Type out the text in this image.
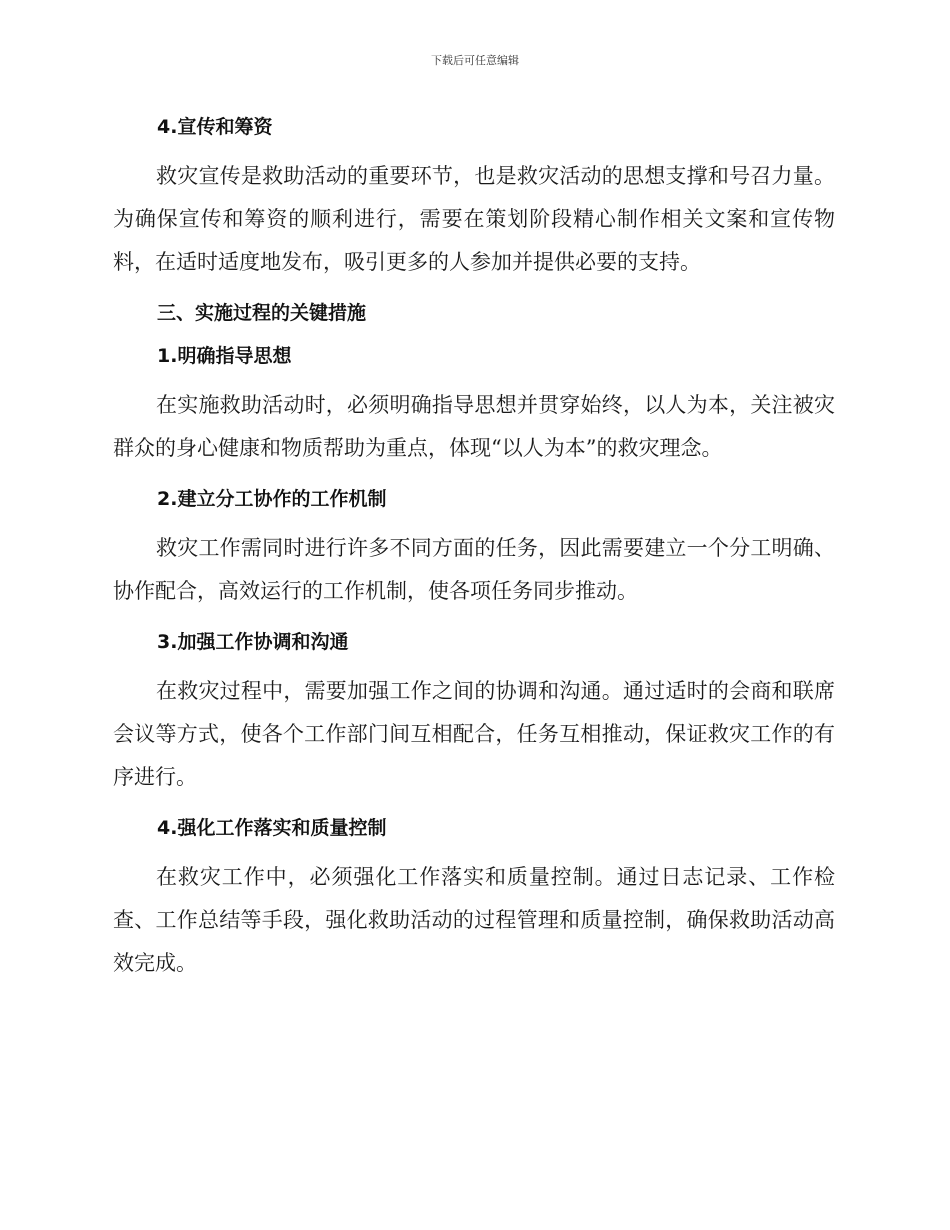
下载后可任意编辑
4.宣传和筹资

救灾宣传是救助活动的重要环节，也是救灾活动的思想支撑和号召力量。为确保宣传和筹资的顺利进行，需要在策划阶段精心制作相关文案和宣传物料，在适时适度地发布，吸引更多的人参加并提供必要的支持。

三、实施过程的关键措施
1.明确指导思想

在实施救助活动时，必须明确指导思想并贯穿始终，以人为本，关注被灾群众的身心健康和物质帮助为重点，体现“以人为本”的救灾理念。

2.建立分工协作的工作机制

救灾工作需同时进行许多不同方面的任务，因此需要建立一个分工明确、协作配合，高效运行的工作机制，使各项任务同步推动。

3.加强工作协调和沟通

在救灾过程中，需要加强工作之间的协调和沟通。通过适时的会商和联席会议等方式，使各个工作部门间互相配合，任务互相推动，保证救灾工作的有序进行。

4.强化工作落实和质量控制

在救灾工作中，必须强化工作落实和质量控制。通过日志记录、工作检查、工作总结等手段，强化救助活动的过程管理和质量控制，确保救助活动高效完成。
